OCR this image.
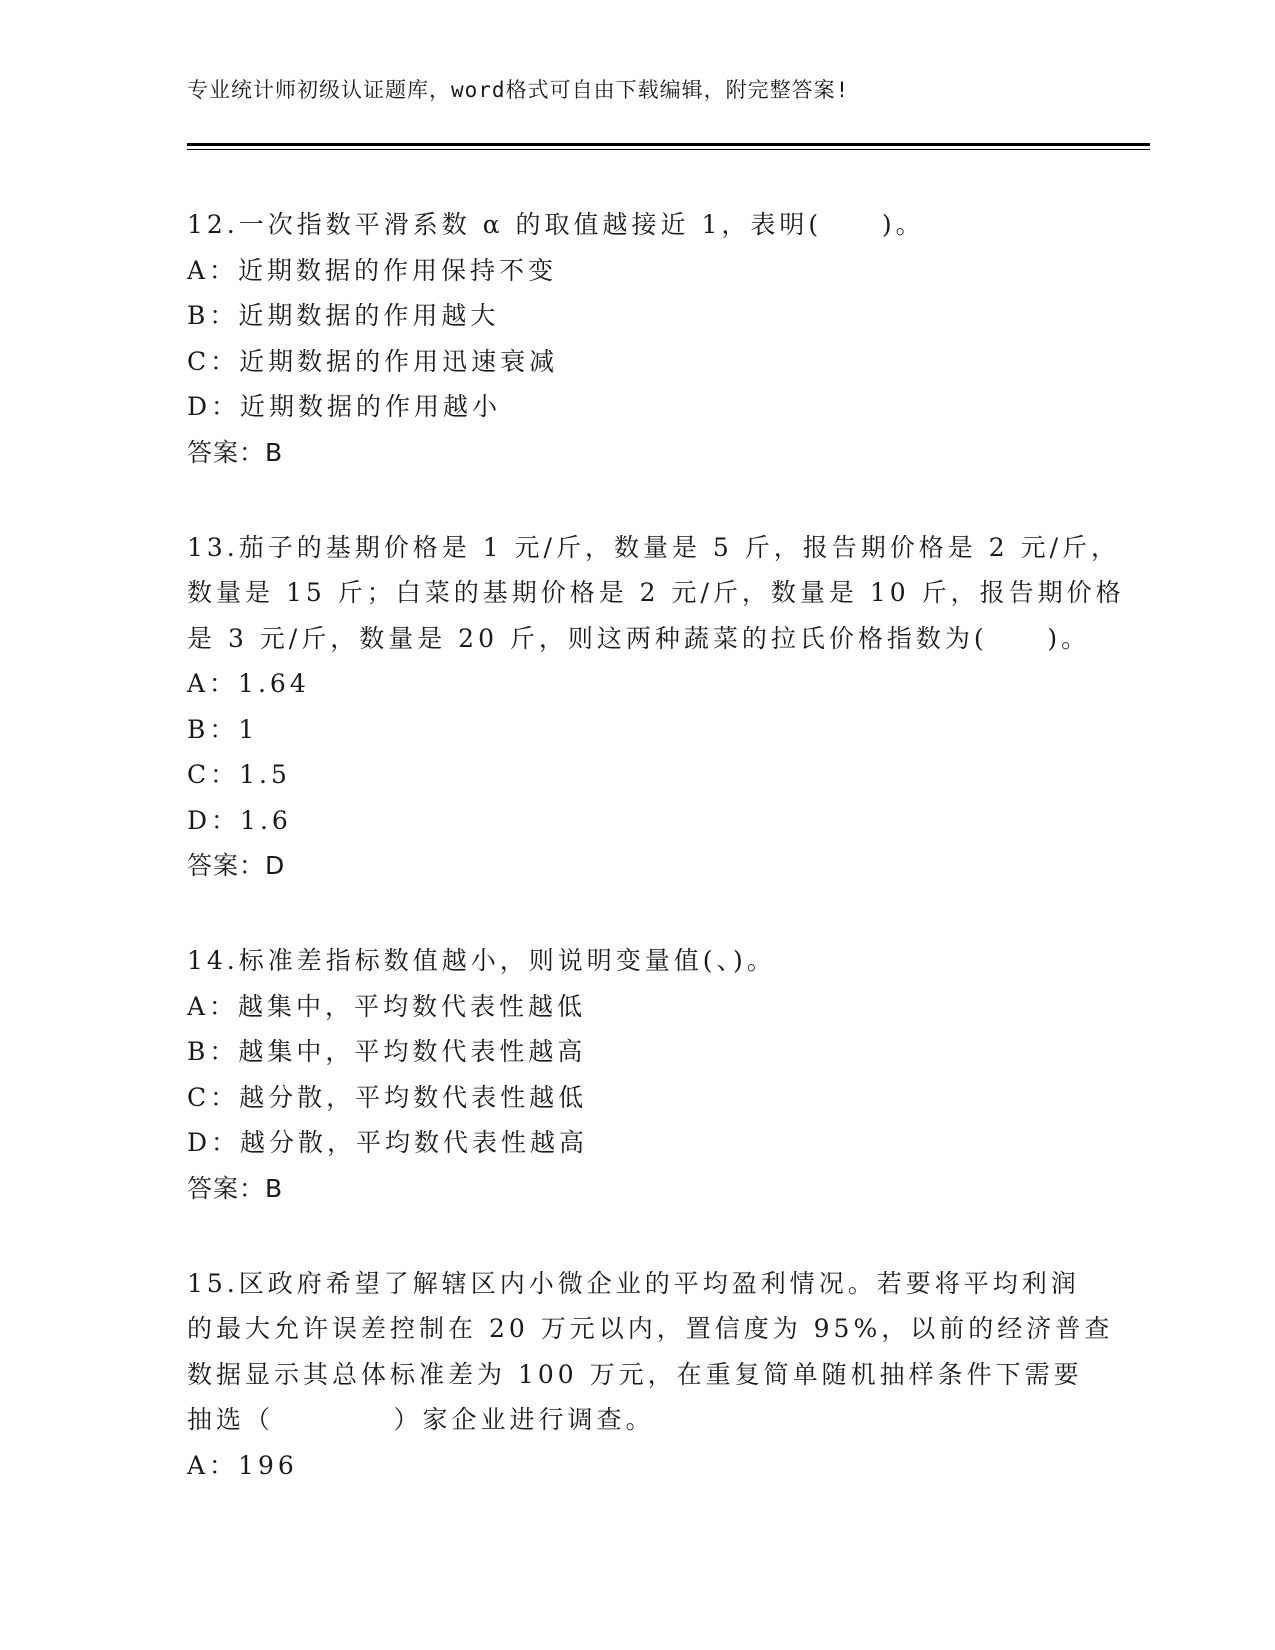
专业统计师初级认证题库，word格式可自由下载编辑，附完整答案!
12.一次指数平滑系数 α 的取值越接近 1，表明(     )。
A：近期数据的作用保持不变
B：近期数据的作用越大
C：近期数据的作用迅速衰减
D：近期数据的作用越小
答案：B
13.茄子的基期价格是 1 元/斤，数量是 5 斤，报告期价格是 2 元/斤，
数量是 15 斤；白菜的基期价格是 2 元/斤，数量是 10 斤，报告期价格
是 3 元/斤，数量是 20 斤，则这两种蔬菜的拉氏价格指数为(     )。
A：1.64
B：1
C：1.5
D：1.6
答案：D
14.标准差指标数值越小，则说明变量值(、)。
A：越集中，平均数代表性越低
B：越集中，平均数代表性越高
C：越分散，平均数代表性越低
D：越分散，平均数代表性越高
答案：B
15.区政府希望了解辖区内小微企业的平均盈利情况。若要将平均利润
的最大允许误差控制在 20 万元以内，置信度为 95%，以前的经济普查
数据显示其总体标准差为 100 万元，在重复简单随机抽样条件下需要
抽选（          ）家企业进行调查。
A：196
